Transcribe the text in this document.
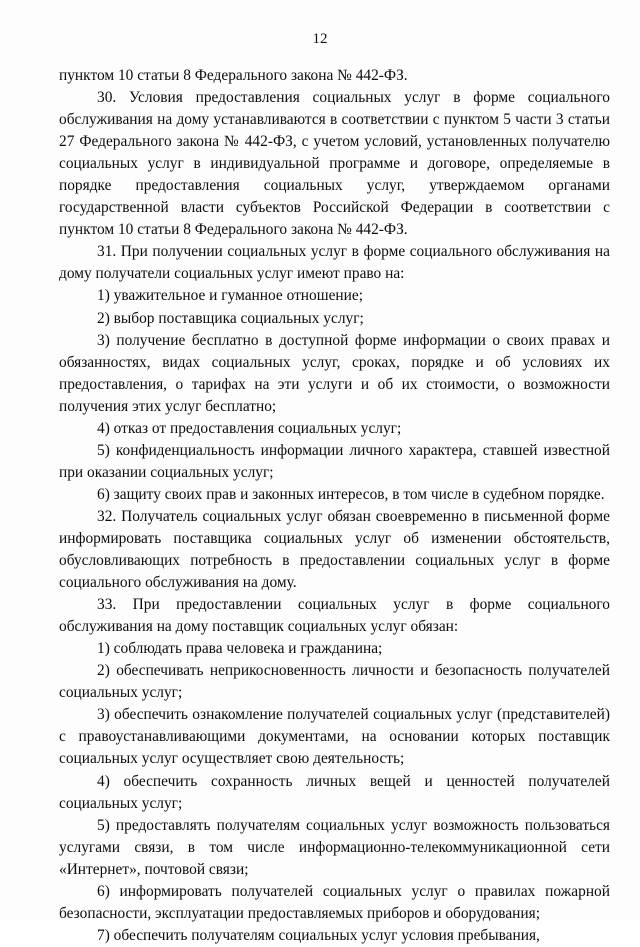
12

пунктом 10 статьи 8 Федерального закона № 442-ФЗ.

30. Условия предоставления социальных услуг в форме социального обслуживания на дому устанавливаются в соответствии с пунктом 5 части 3 статьи 27 Федерального закона № 442-ФЗ, с учетом условий, установленных получателю социальных услуг в индивидуальной программе и договоре, определяемые в порядке предоставления социальных услуг, утверждаемом органами государственной власти субъектов Российской Федерации в соответствии с пунктом 10 статьи 8 Федерального закона № 442-ФЗ.

31. При получении социальных услуг в форме социального обслуживания на дому получатели социальных услуг имеют право на:

1) уважительное и гуманное отношение;

2) выбор поставщика социальных услуг;

3) получение бесплатно в доступной форме информации о своих правах и обязанностях, видах социальных услуг, сроках, порядке и об условиях их предоставления, о тарифах на эти услуги и об их стоимости, о возможности получения этих услуг бесплатно;

4) отказ от предоставления социальных услуг;

5) конфиденциальность информации личного характера, ставшей известной при оказании социальных услуг;

6) защиту своих прав и законных интересов, в том числе в судебном порядке.

32. Получатель социальных услуг обязан своевременно в письменной форме информировать поставщика социальных услуг об изменении обстоятельств, обусловливающих потребность в предоставлении социальных услуг в форме социального обслуживания на дому.

33. При предоставлении социальных услуг в форме социального обслуживания на дому поставщик социальных услуг обязан:

1) соблюдать права человека и гражданина;

2) обеспечивать неприкосновенность личности и безопасность получателей социальных услуг;

3) обеспечить ознакомление получателей социальных услуг (представителей) с правоустанавливающими документами, на основании которых поставщик социальных услуг осуществляет свою деятельность;

4) обеспечить сохранность личных вещей и ценностей получателей социальных услуг;

5) предоставлять получателям социальных услуг возможность пользоваться услугами связи, в том числе информационно-телекоммуникационной сети «Интернет», почтовой связи;

6) информировать получателей социальных услуг о правилах пожарной безопасности, эксплуатации предоставляемых приборов и оборудования;

7) обеспечить получателям социальных услуг условия пребывания,
